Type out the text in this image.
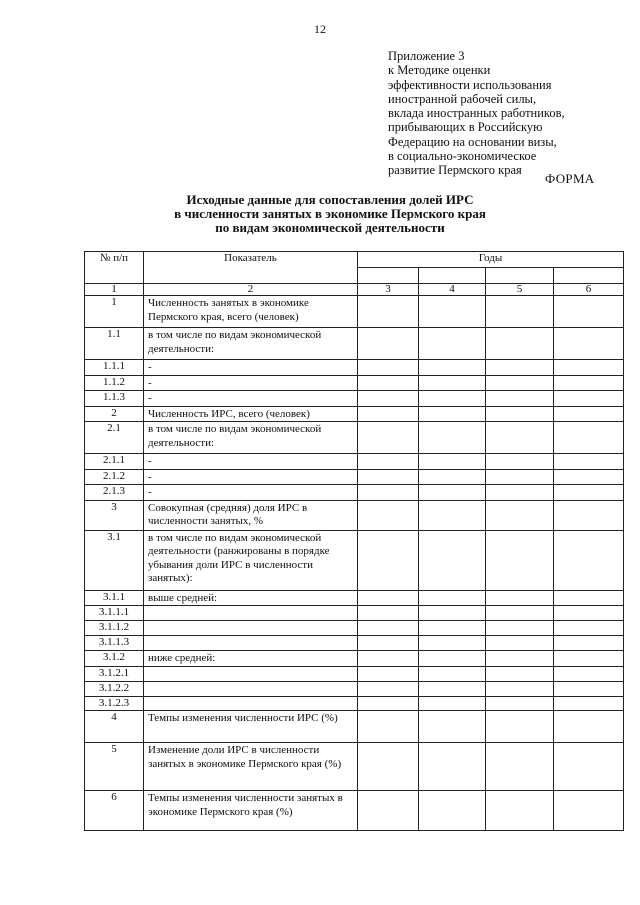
12
Приложение 3
к Методике оценки
эффективности использования
иностранной рабочей силы,
вклада иностранных работников,
прибывающих в Российскую
Федерацию на основании визы,
в социально-экономическое
развитие Пермского края
ФОРМА
Исходные данные для сопоставления долей ИРС
в численности занятых в экономике Пермского края
по видам экономической деятельности
№ п/п	Показатель	Годы			

1	2	3	4	5	6
1	Численность занятых в экономике Пермского края, всего (человек)				
1.1	в том числе по видам экономической деятельности:				
1.1.1	-				
1.1.2	-				
1.1.3	-				
2	Численность ИРС, всего (человек)				
2.1	в том числе по видам экономической деятельности:				
2.1.1	-				
2.1.2	-				
2.1.3	-				
3	Совокупная (средняя) доля ИРС в численности занятых, %				
3.1	в том числе по видам экономической деятельности (ранжированы в порядке убывания доли ИРС в численности занятых):				
3.1.1	выше средней:				
3.1.1.1					
3.1.1.2					
3.1.1.3					
3.1.2	ниже средней:				
3.1.2.1					
3.1.2.2					
3.1.2.3					
4	Темпы изменения численности ИРС (%)				
5	Изменение доли ИРС в численности занятых в экономике Пермского края (%)				
6	Темпы изменения численности занятых в экономике Пермского края (%)				
